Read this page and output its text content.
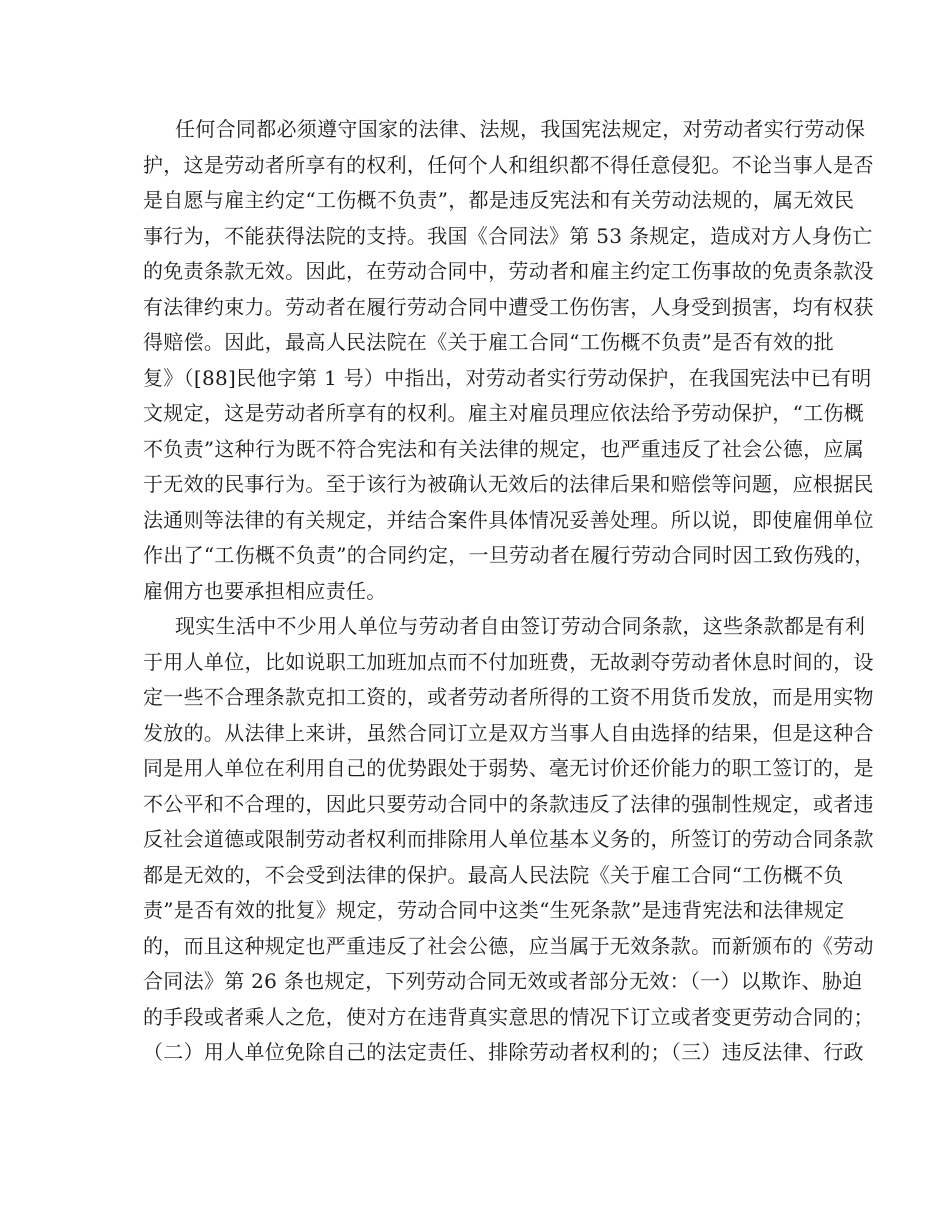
任何合同都必须遵守国家的法律、法规，我国宪法规定，对劳动者实行劳动保
护，这是劳动者所享有的权利，任何个人和组织都不得任意侵犯。不论当事人是否
是自愿与雇主约定“工伤概不负责”，都是违反宪法和有关劳动法规的，属无效民
事行为，不能获得法院的支持。我国《合同法》第 53 条规定，造成对方人身伤亡
的免责条款无效。因此，在劳动合同中，劳动者和雇主约定工伤事故的免责条款没
有法律约束力。劳动者在履行劳动合同中遭受工伤伤害，人身受到损害，均有权获
得赔偿。因此，最高人民法院在《关于雇工合同“工伤概不负责”是否有效的批
复》（[88]民他字第 1 号）中指出，对劳动者实行劳动保护，在我国宪法中已有明
文规定，这是劳动者所享有的权利。雇主对雇员理应依法给予劳动保护，“工伤概
不负责”这种行为既不符合宪法和有关法律的规定，也严重违反了社会公德，应属
于无效的民事行为。至于该行为被确认无效后的法律后果和赔偿等问题，应根据民
法通则等法律的有关规定，并结合案件具体情况妥善处理。所以说，即使雇佣单位
作出了“工伤概不负责”的合同约定，一旦劳动者在履行劳动合同时因工致伤残的，
雇佣方也要承担相应责任。
现实生活中不少用人单位与劳动者自由签订劳动合同条款，这些条款都是有利
于用人单位，比如说职工加班加点而不付加班费，无故剥夺劳动者休息时间的，设
定一些不合理条款克扣工资的，或者劳动者所得的工资不用货币发放，而是用实物
发放的。从法律上来讲，虽然合同订立是双方当事人自由选择的结果，但是这种合
同是用人单位在利用自己的优势跟处于弱势、毫无讨价还价能力的职工签订的，是
不公平和不合理的，因此只要劳动合同中的条款违反了法律的强制性规定，或者违
反社会道德或限制劳动者权利而排除用人单位基本义务的，所签订的劳动合同条款
都是无效的，不会受到法律的保护。最高人民法院《关于雇工合同“工伤概不负
责”是否有效的批复》规定，劳动合同中这类“生死条款”是违背宪法和法律规定
的，而且这种规定也严重违反了社会公德，应当属于无效条款。而新颁布的《劳动
合同法》第 26 条也规定，下列劳动合同无效或者部分无效：（一）以欺诈、胁迫
的手段或者乘人之危，使对方在违背真实意思的情况下订立或者变更劳动合同的；
（二）用人单位免除自己的法定责任、排除劳动者权利的；（三）违反法律、行政
